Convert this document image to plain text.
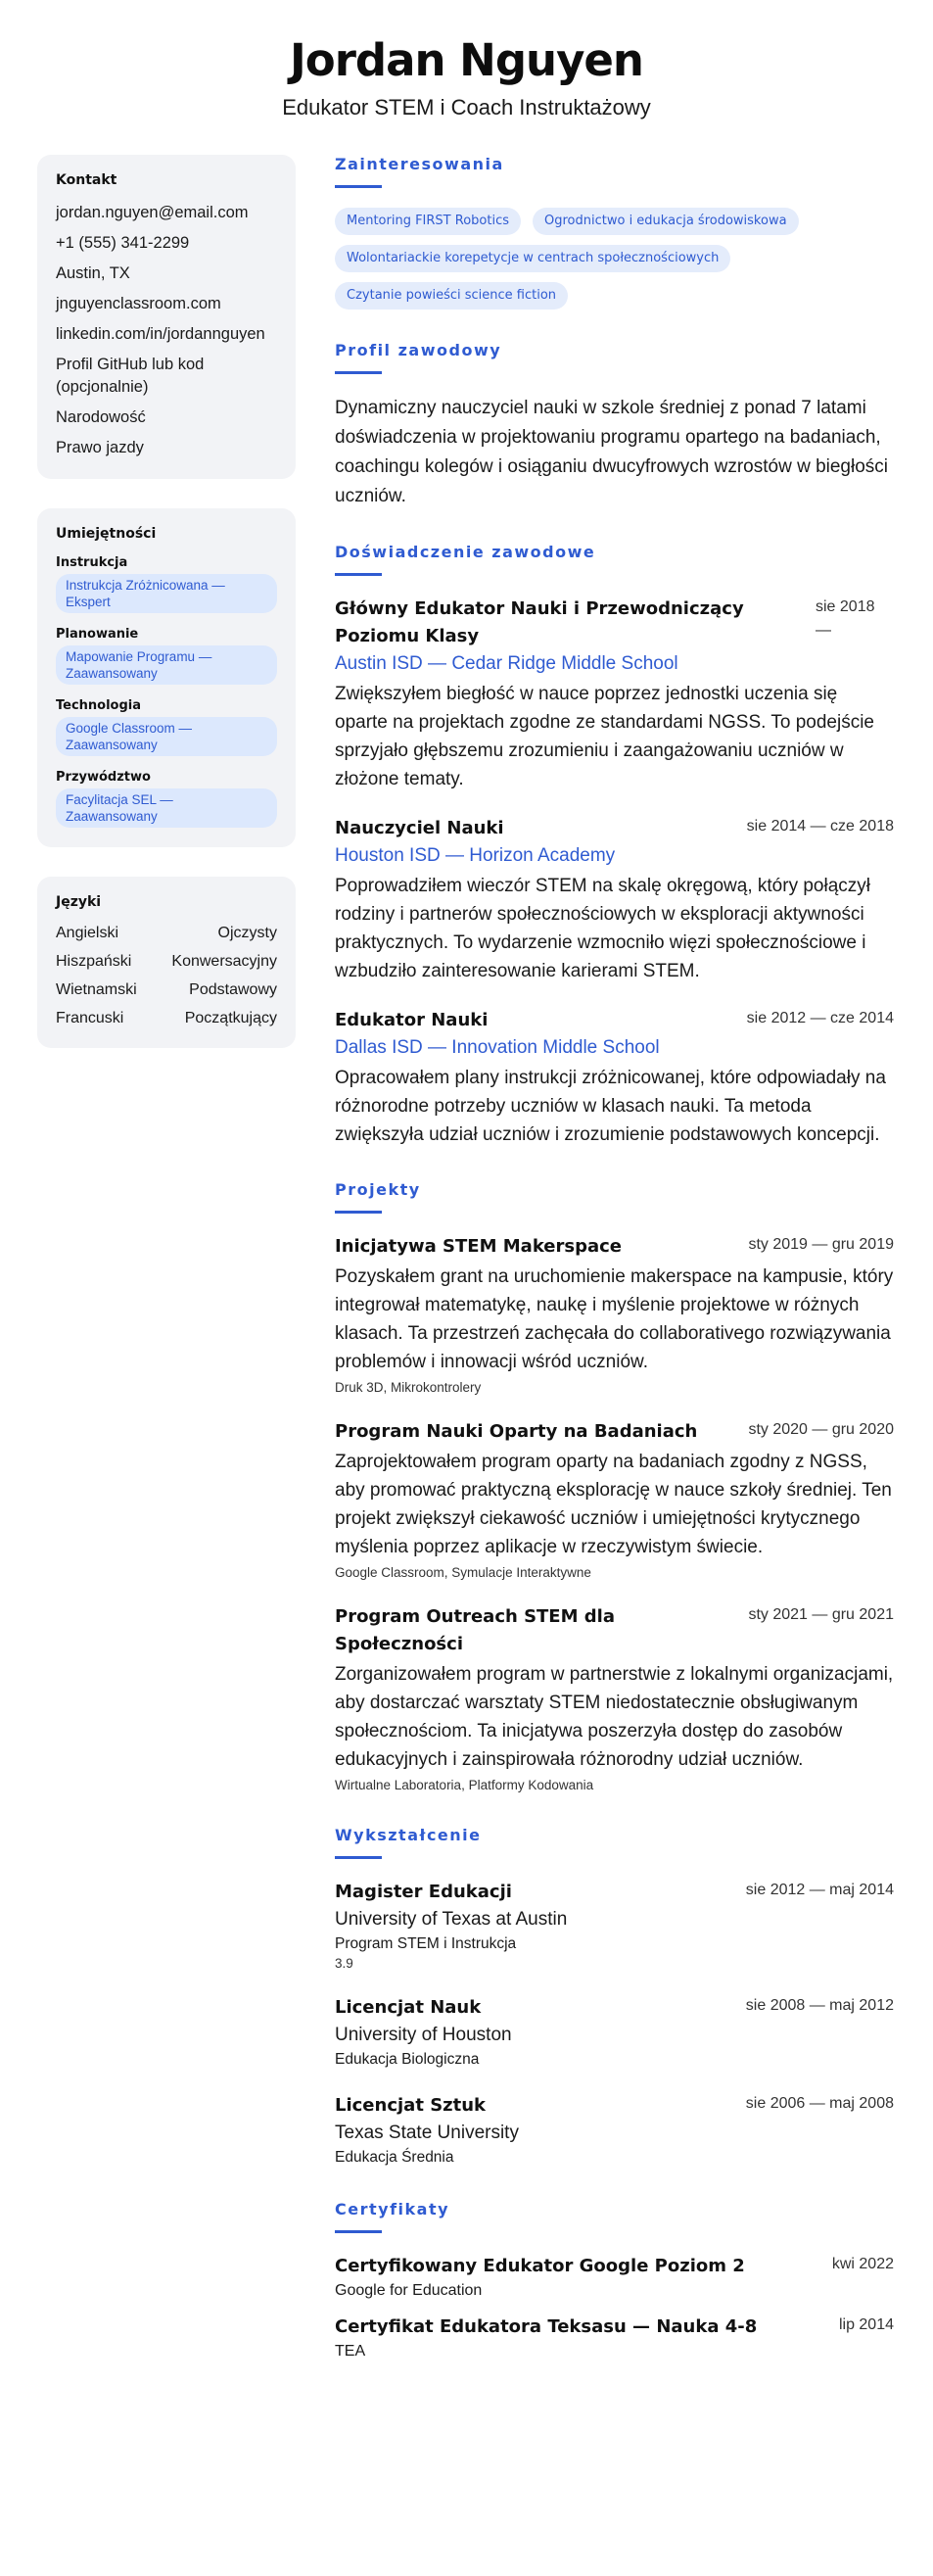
Jordan Nguyen
Edukator STEM i Coach Instruktażowy
Kontakt
jordan.nguyen@email.com
+1 (555) 341-2299
Austin, TX
jnguyenclassroom.com
linkedin.com/in/jordannguyen
Profil GitHub lub kod (opcjonalnie)
Narodowość
Prawo jazdy
Umiejętności
Instrukcja
Instrukcja Zróżnicowana — Ekspert
Planowanie
Mapowanie Programu — Zaawansowany
Technologia
Google Classroom — Zaawansowany
Przywództwo
Facylitacja SEL — Zaawansowany
Języki
Angielski	Ojczysty
Hiszpański	Konwersacyjny
Wietnamski	Podstawowy
Francuski	Początkujący
Zainteresowania
Mentoring FIRST Robotics	Ogrodnictwo i edukacja środowiskowa
Wolontariackie korepetycje w centrach społecznościowych
Czytanie powieści science fiction
Profil zawodowy

Dynamiczny nauczyciel nauki w szkole średniej z ponad 7 latami doświadczenia w projektowaniu programu opartego na badaniach, coachingu kolegów i osiąganiu dwucyfrowych wzrostów w biegłości uczniów.

Doświadczenie zawodowe
Główny Edukator Nauki i Przewodniczący Poziomu Klasy
sie 2018 —
Austin ISD — Cedar Ridge Middle School

Zwiększyłem biegłość w nauce poprzez jednostki uczenia się oparte na projektach zgodne ze standardami NGSS. To podejście sprzyjało głębszemu zrozumieniu i zaangażowaniu uczniów w złożone tematy.

Nauczyciel Nauki	sie 2014 — cze 2018
Houston ISD — Horizon Academy

Poprowadziłem wieczór STEM na skalę okręgową, który połączył rodziny i partnerów społecznościowych w eksploracji aktywności praktycznych. To wydarzenie wzmocniło więzi społecznościowe i wzbudziło zainteresowanie karierami STEM.

Edukator Nauki	sie 2012 — cze 2014
Dallas ISD — Innovation Middle School

Opracowałem plany instrukcji zróżnicowanej, które odpowiadały na różnorodne potrzeby uczniów w klasach nauki. Ta metoda zwiększyła udział uczniów i zrozumienie podstawowych koncepcji.

Projekty
Inicjatywa STEM Makerspace	sty 2019 — gru 2019

Pozyskałem grant na uruchomienie makerspace na kampusie, który integrował matematykę, naukę i myślenie projektowe w różnych klasach. Ta przestrzeń zachęcała do collaborativego rozwiązywania problemów i innowacji wśród uczniów.

Druk 3D, Mikrokontrolery
Program Nauki Oparty na Badaniach	sty 2020 — gru 2020

Zaprojektowałem program oparty na badaniach zgodny z NGSS, aby promować praktyczną eksplorację w nauce szkoły średniej. Ten projekt zwiększył ciekawość uczniów i umiejętności krytycznego myślenia poprzez aplikacje w rzeczywistym świecie.

Google Classroom, Symulacje Interaktywne
Program Outreach STEM dla Społeczności
sty 2021 — gru 2021

Zorganizowałem program w partnerstwie z lokalnymi organizacjami, aby dostarczać warsztaty STEM niedostatecznie obsługiwanym społecznościom. Ta inicjatywa poszerzyła dostęp do zasobów edukacyjnych i zainspirowała różnorodny udział uczniów.

Wirtualne Laboratoria, Platformy Kodowania
Wykształcenie
Magister Edukacji	sie 2012 — maj 2014
University of Texas at Austin
Program STEM i Instrukcja
3.9
Licencjat Nauk	sie 2008 — maj 2012
University of Houston
Edukacja Biologiczna
Licencjat Sztuk	sie 2006 — maj 2008
Texas State University
Edukacja Średnia
Certyfikaty
Certyfikowany Edukator Google Poziom 2	kwi 2022
Google for Education
Certyfikat Edukatora Teksasu — Nauka 4-8	lip 2014
TEA
